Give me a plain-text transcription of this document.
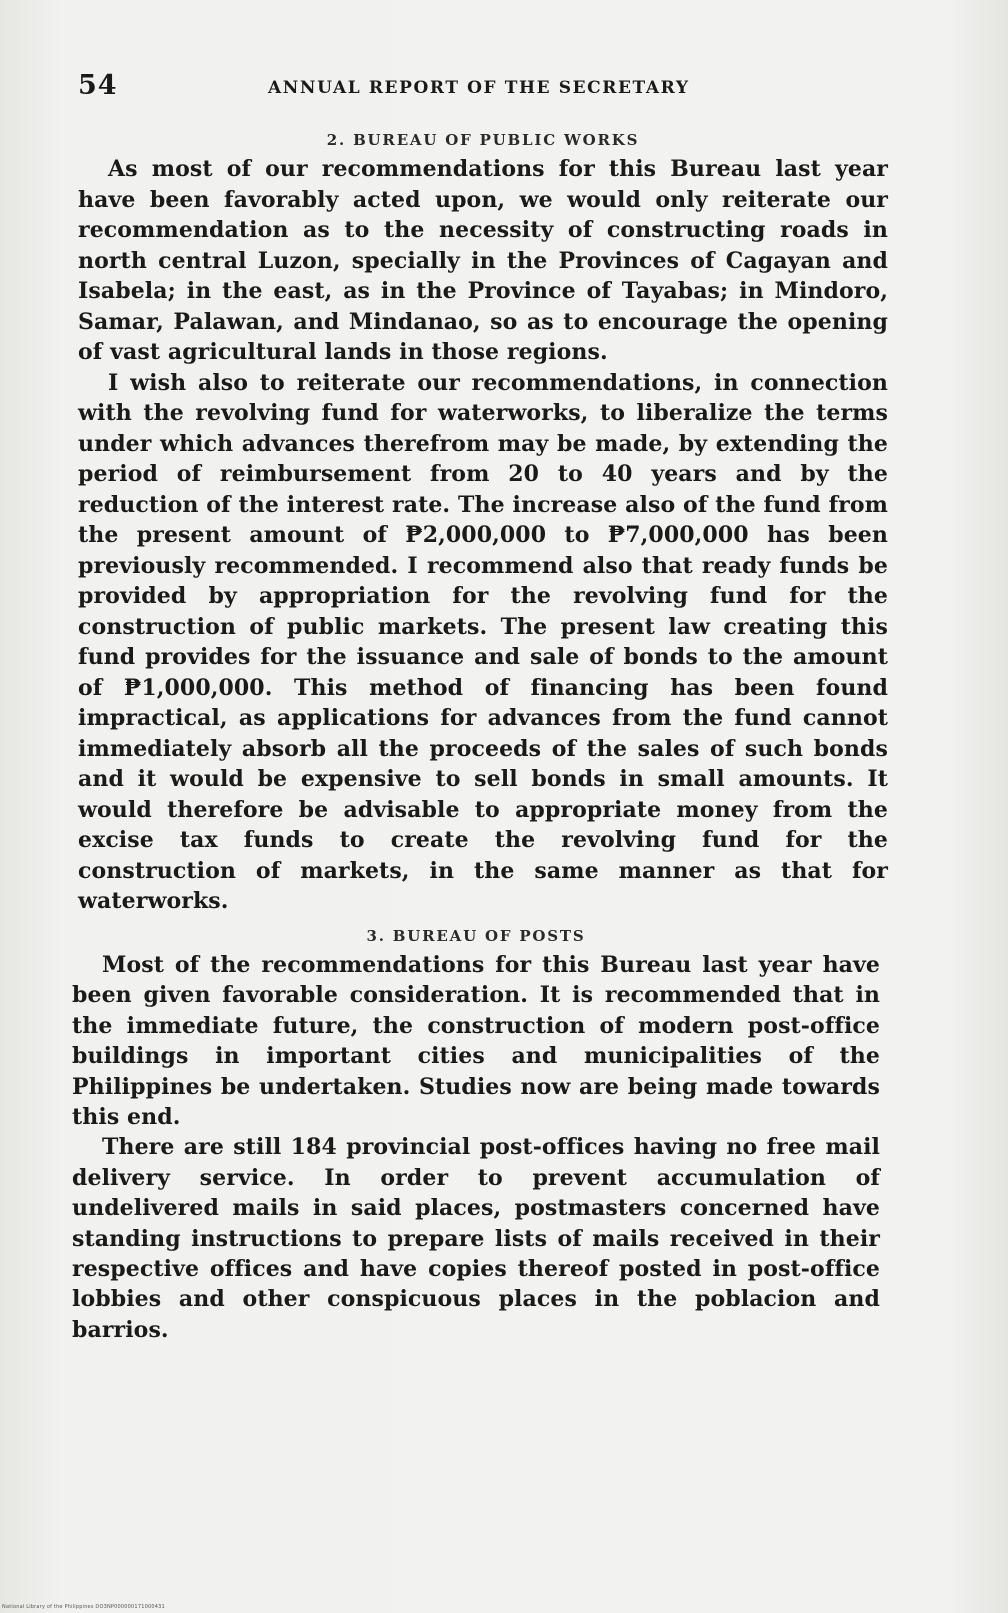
54	ANNUAL REPORT OF THE SECRETARY
2. BUREAU OF PUBLIC WORKS

As most of our recommendations for this Bureau last year have been favorably acted upon, we would only reiterate our recommendation as to the necessity of constructing roads in north central Luzon, specially in the Provinces of Cagayan and Isabela; in the east, as in the Province of Tayabas; in Mindoro, Samar, Palawan, and Mindanao, so as to encourage the opening of vast agricultural lands in those regions.

I wish also to reiterate our recommendations, in connection with the revolving fund for waterworks, to liberalize the terms under which advances therefrom may be made, by extending the period of reimbursement from 20 to 40 years and by the reduction of the interest rate. The increase also of the fund from the present amount of ₱2,000,000 to ₱7,000,000 has been previously recommended. I recommend also that ready funds be provided by appropriation for the revolving fund for the construction of public markets. The present law creating this fund provides for the issuance and sale of bonds to the amount of ₱1,000,000. This method of financing has been found impractical, as applications for advances from the fund cannot immediately absorb all the proceeds of the sales of such bonds and it would be expensive to sell bonds in small amounts. It would therefore be advisable to appropriate money from the excise tax funds to create the revolving fund for the construction of markets, in the same manner as that for waterworks.

3. BUREAU OF POSTS

Most of the recommendations for this Bureau last year have been given favorable consideration. It is recommended that in the immediate future, the construction of modern post-office buildings in important cities and municipalities of the Philippines be undertaken. Studies now are being made towards this end.

There are still 184 provincial post-offices having no free mail delivery service. In order to prevent accumulation of undelivered mails in said places, postmasters concerned have standing instructions to prepare lists of mails received in their respective offices and have copies thereof posted in post-office lobbies and other conspicuous places in the poblacion and barrios.

National Library of the Philippines DO3NP000000171000431
